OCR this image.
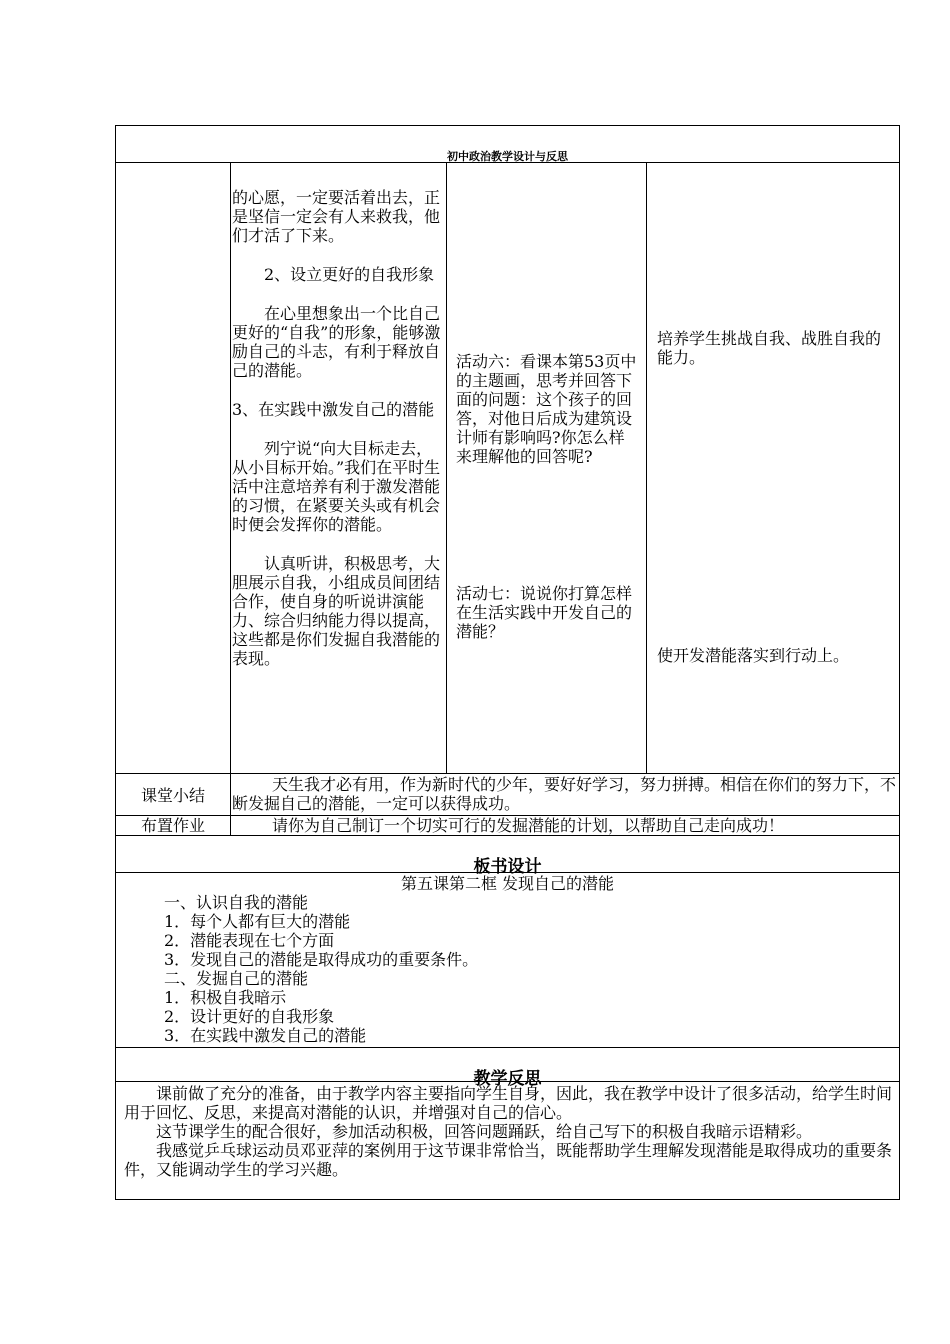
初中政治教学设计与反思

的心愿，一定要活着出去，正是坚信一定会有人来救我，他们才活了下来。

2、设立更好的自我形象

在心里想象出一个比自己更好的“自我”的形象，能够激励自己的斗志，有利于释放自己的潜能。

3、在实践中激发自己的潜能

列宁说“向大目标走去，从小目标开始。”我们在平时生活中注意培养有利于激发潜能的习惯，在紧要关头或有机会时便会发挥你的潜能。

认真听讲，积极思考，大胆展示自我，小组成员间团结合作，使自身的听说讲演能力、综合归纳能力得以提高，这些都是你们发掘自我潜能的表现。

活动六：看课本第53页中的主题画，思考并回答下面的问题：这个孩子的回答，对他日后成为建筑设计师有影响吗?你怎么样来理解他的回答呢?
活动七：说说你打算怎样在生活实践中开发自己的潜能？
培养学生挑战自我、战胜自我的能力。
使开发潜能落实到行动上。
课堂小结
天生我才必有用，作为新时代的少年，要好好学习，努力拼搏。相信在你们的努力下，不断发掘自己的潜能，一定可以获得成功。
布置作业	请你为自己制订一个切实可行的发掘潜能的计划，以帮助自己走向成功！
板书设计
第五课第二框 发现自己的潜能

一、认识自我的潜能

1．每个人都有巨大的潜能

2．潜能表现在七个方面

3．发现自己的潜能是取得成功的重要条件。

二、发掘自己的潜能

1．积极自我暗示

2．设计更好的自我形象

3．在实践中激发自己的潜能

教学反思

课前做了充分的准备，由于教学内容主要指向学生自身，因此，我在教学中设计了很多活动，给学生时间用于回忆、反思，来提高对潜能的认识，并增强对自己的信心。

这节课学生的配合很好，参加活动积极，回答问题踊跃，给自己写下的积极自我暗示语精彩。

我感觉乒乓球运动员邓亚萍的案例用于这节课非常恰当，既能帮助学生理解发现潜能是取得成功的重要条件，又能调动学生的学习兴趣。
